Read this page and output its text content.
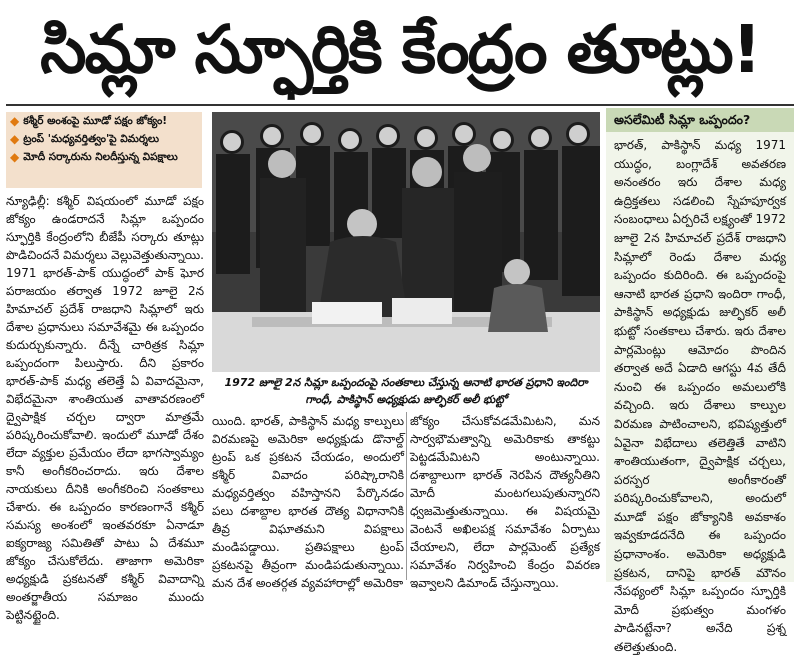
సిమ్లా స్ఫూర్తికి కేంద్రం తూట్లు!
◆ కశ్మీర్ అంశంపై మూడో పక్షం జోక్యం!
◆ ట్రంప్ 'మధ్యవర్తిత్వం'పై విమర్శలు
◆ మోదీ సర్కారును నిలదీస్తున్న విపక్షాలు

న్యూఢిల్లీ: కశ్మీర్ విషయంలో మూడో పక్షం జోక్యం ఉండరాదనే సిమ్లా ఒప్పందం స్ఫూర్తికి కేంద్రంలోని బీజేపీ సర్కారు తూట్లు పొడిచిందనే విమర్శలు వెల్లువెత్తుతున్నాయి. 1971 భారత్-పాక్ యుద్ధంలో పాక్ ఘోర పరాజయం తర్వాత 1972 జూలై 2న హిమాచల్ ప్రదేశ్ రాజధాని సిమ్లాలో ఇరు దేశాల ప్రధానులు సమావేశమై ఈ ఒప్పందం కుదుర్చుకున్నారు. దీన్నే చారిత్రక సిమ్లా ఒప్పందంగా పిలుస్తారు. దీని ప్రకారం భారత్-పాక్ మధ్య తలెత్తే ఏ వివాదమైనా, విభేదమైనా శాంతియుత వాతావరణంలో ద్వైపాక్షిక చర్చల ద్వారా మాత్రమే పరిష్కరించుకోవాలి. ఇందులో మూడో దేశం లేదా వ్యక్తుల ప్రమేయం లేదా భాగస్వామ్యం కానీ అంగీకరించరాదు. ఇరు దేశాల నాయకులు దీనికి అంగీకరించి సంతకాలు చేశారు. ఈ ఒప్పందం కారణంగానే కశ్మీర్ సమస్య అంశంలో ఇంతవరకూ ఏనాడూ ఐక్యరాజ్య సమితితో పాటు ఏ దేశమూ జోక్యం చేసుకోలేదు. తాజాగా అమెరికా అధ్యక్షుడి ప్రకటనతో కశ్మీర్ వివాదాన్ని అంతర్జాతీయ సమాజం ముందు పెట్టినట్టైంది.

1972 జూలై 2న సిమ్లా ఒప్పందంపై సంతకాలు చేస్తున్న ఆనాటి భారత ప్రధాని ఇందిరా గాంధీ, పాకిస్థాన్ అధ్యక్షుడు జుల్ఫికర్ అలీ భుట్టో

యింది. భారత్, పాకిస్థాన్ మధ్య కాల్పులు విరమణపై అమెరికా అధ్యక్షుడు డొనాల్డ్ ట్రంప్ ఒక ప్రకటన చేయడం, అందులో కశ్మీర్ వివాదం పరిష్కారానికి మధ్యవర్తిత్వం వహిస్తానని పేర్కొనడం పలు దశాబ్దాల భారత దౌత్య విధానానికి తీవ్ర విఘాతమని విపక్షాలు మండిపడ్డాయి. ప్రతిపక్షాలు ట్రంప్ ప్రకటనపై తీవ్రంగా మండిపడుతున్నాయి. మన దేశ అంతర్గత వ్యవహారాల్లో అమెరికా

జోక్యం చేసుకోవడమేమిటని, మన సార్వభౌమత్వాన్ని అమెరికాకు తాకట్టు పెట్టడమేమిటని అంటున్నాయి. దశాబ్దాలుగా భారత్ నెరపిన దౌత్యనీతిని మోదీ మంటగలుపుతున్నారని ధ్వజమెత్తుతున్నాయి. ఈ విషయమై వెంటనే అఖిలపక్ష సమావేశం ఏర్పాటు చేయాలని, లేదా పార్లమెంట్ ప్రత్యేక సమావేశం నిర్వహించి కేంద్రం వివరణ ఇవ్వాలని డిమాండ్ చేస్తున్నాయి.

అసలేమిటీ సిమ్లా ఒప్పందం?
భారత్, పాకిస్థాన్ మధ్య 1971 యుద్ధం, బంగ్లాదేశ్ అవతరణ అనంతరం ఇరు దేశాల మధ్య ఉద్రిక్తతలు సడలించి స్నేహపూర్వక సంబంధాలు ఏర్పరిచే లక్ష్యంతో 1972 జూలై 2న హిమాచల్ ప్రదేశ్ రాజధాని సిమ్లాలో రెండు దేశాల మధ్య ఒప్పందం కుదిరింది. ఈ ఒప్పందంపై ఆనాటి భారత ప్రధాని ఇందిరా గాంధీ, పాకిస్థాన్ అధ్యక్షుడు జుల్ఫికర్ అలీ భుట్టో సంతకాలు చేశారు. ఇరు దేశాల పార్లమెంట్లు ఆమోదం పొందిన తర్వాత అదే ఏడాది ఆగస్టు 4వ తేదీ నుంచి ఈ ఒప్పందం అమలులోకి వచ్చింది. ఇరు దేశాలు కాల్పుల విరమణ పాటించాలని, భవిష్యత్తులో ఏవైనా విభేదాలు తలెత్తితే వాటిని శాంతియుతంగా, ద్వైపాక్షిక చర్చలు, పరస్పర అంగీకారంతో పరిష్కరించుకోవాలని, అందులో మూడో పక్షం జోక్యానికి అవకాశం ఇవ్వకూడదనేది ఈ ఒప్పందం ప్రధానాంశం. అమెరికా అధ్యక్షుడి ప్రకటన, దానిపై భారత్ మౌనం నేపథ్యంలో సిమ్లా ఒప్పందం స్ఫూర్తికి మోదీ ప్రభుత్వం మంగళం పాడినట్టేనా? అనేది ప్రశ్న తలెత్తుతుంది.
